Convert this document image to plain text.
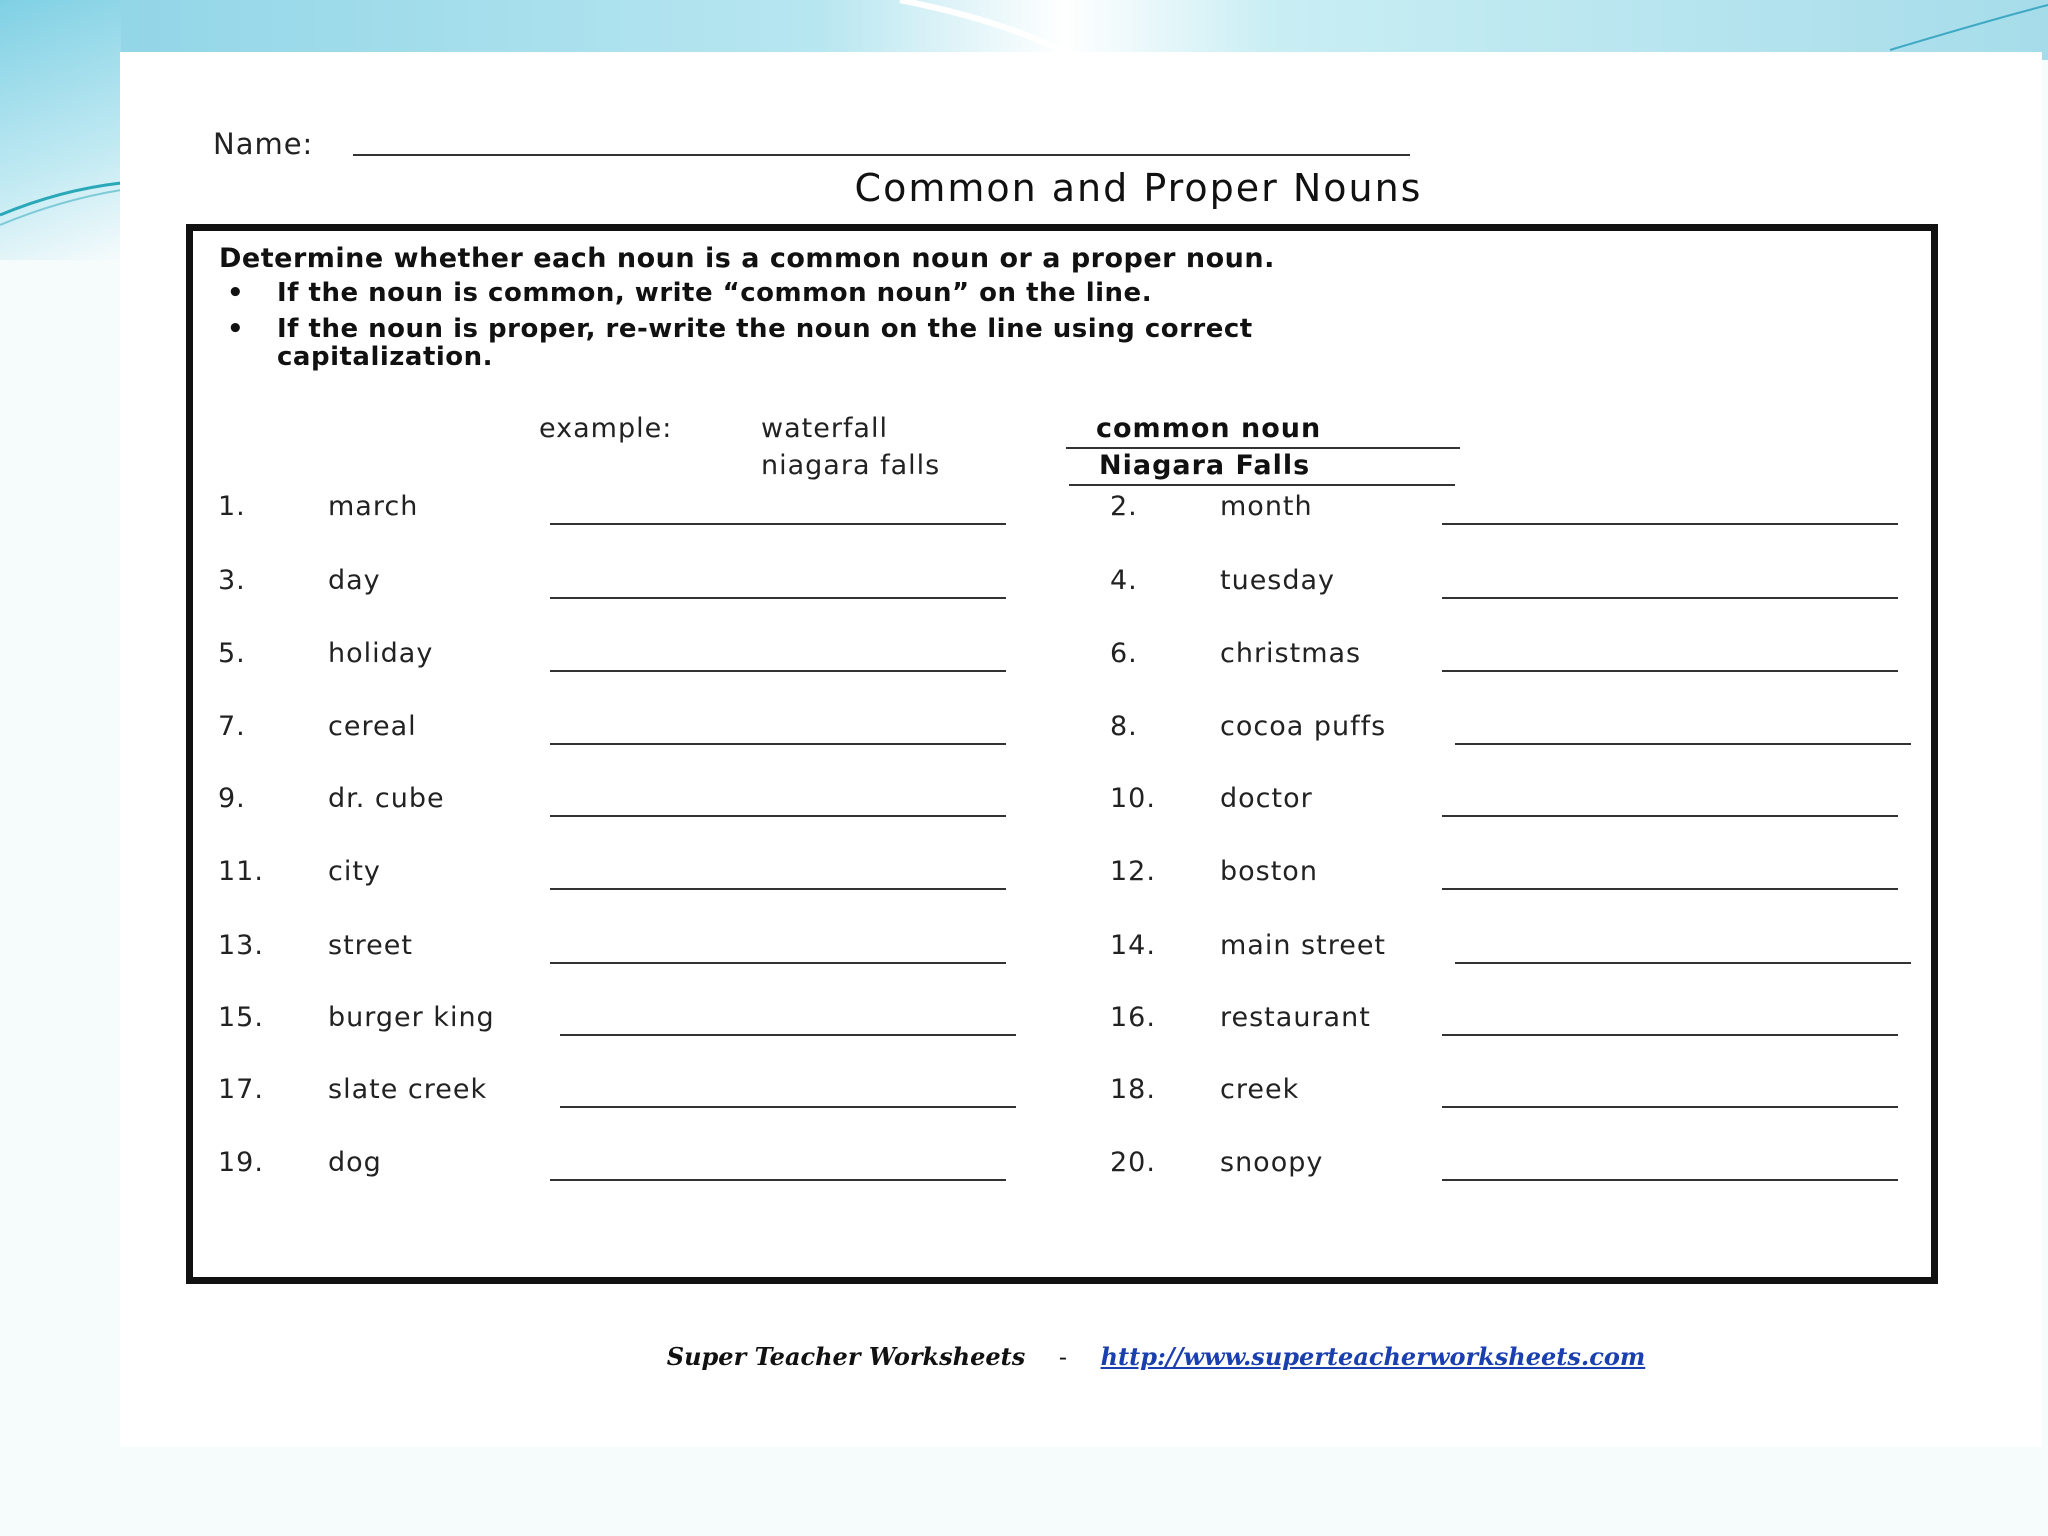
Name:
Common and Proper Nouns
Determine whether each noun is a common noun or a proper noun.
• If the noun is common, write “common noun” on the line.
• If the noun is proper, re-write the noun on the line using correct
capitalization.
example:	waterfall	common noun
niagara falls	Niagara Falls
1.	march	2.	month
3.	day	4.	tuesday
5.	holiday	6.	christmas
7.	cereal	8.	cocoa puffs
9.	dr. cube	10. doctor
11. city	12. boston
13. street	14. main street
15. burger king	16. restaurant
17. slate creek	18. creek
19. dog	20. snoopy
Super Teacher Worksheets - http://www.superteacherworksheets.com
